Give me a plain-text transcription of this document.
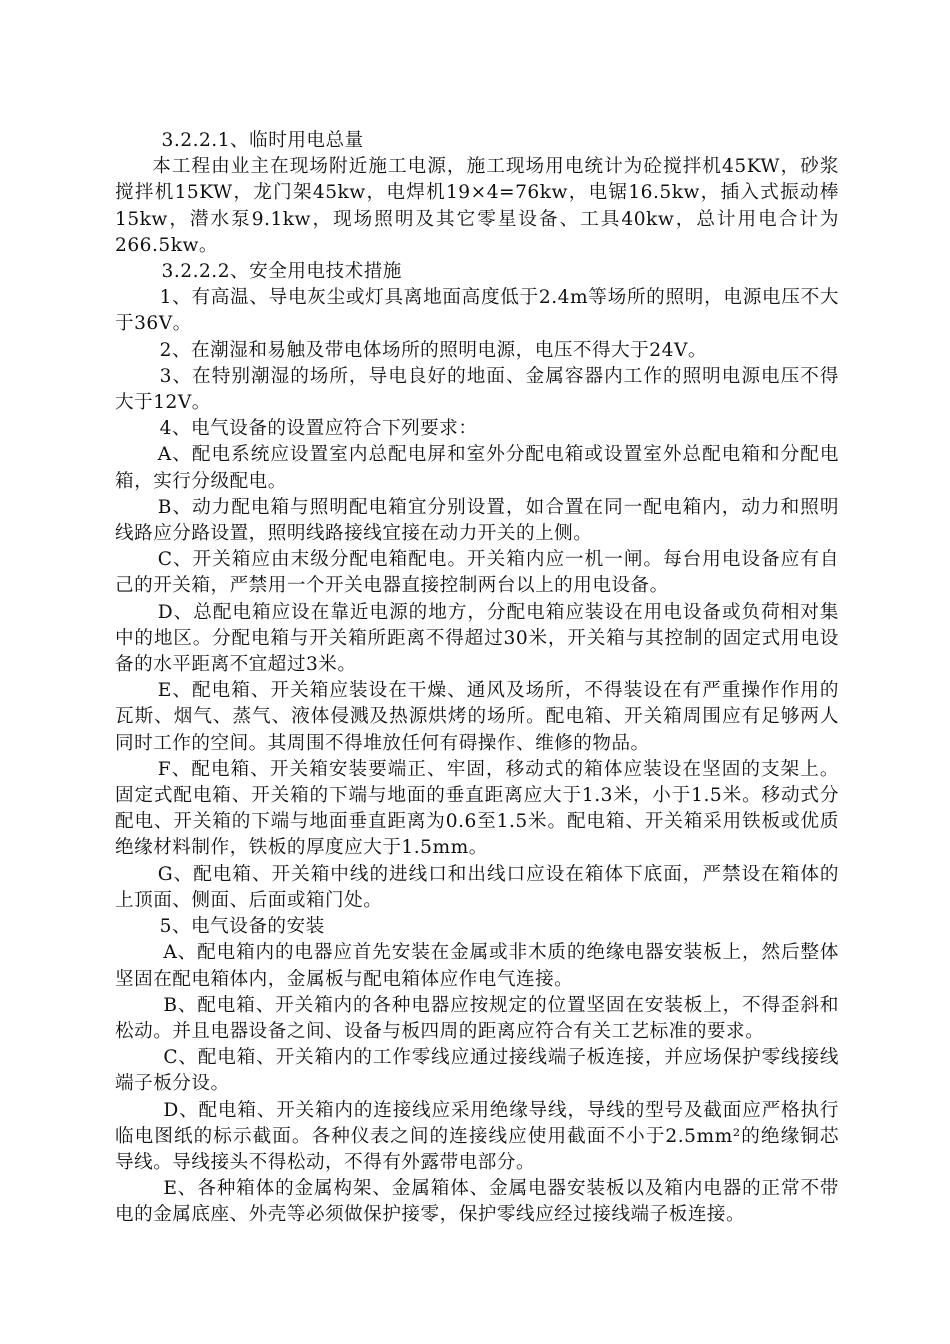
3.2.2.1、临时用电总量

本工程由业主在现场附近施工电源，施工现场用电统计为砼搅拌机45KW，砂浆搅拌机15KW，龙门架45kw，电焊机19×4=76kw，电锯16.5kw，插入式振动棒15kw，潜水泵9.1kw，现场照明及其它零星设备、工具40kw，总计用电合计为266.5kw。

3.2.2.2、安全用电技术措施

1、有高温、导电灰尘或灯具离地面高度低于2.4m等场所的照明，电源电压不大于36V。

2、在潮湿和易触及带电体场所的照明电源，电压不得大于24V。

3、在特别潮湿的场所，导电良好的地面、金属容器内工作的照明电源电压不得大于12V。

4、电气设备的设置应符合下列要求：

A、配电系统应设置室内总配电屏和室外分配电箱或设置室外总配电箱和分配电箱，实行分级配电。

B、动力配电箱与照明配电箱宜分别设置，如合置在同一配电箱内，动力和照明线路应分路设置，照明线路接线宜接在动力开关的上侧。

C、开关箱应由末级分配电箱配电。开关箱内应一机一闸。每台用电设备应有自己的开关箱，严禁用一个开关电器直接控制两台以上的用电设备。

D、总配电箱应设在靠近电源的地方，分配电箱应装设在用电设备或负荷相对集中的地区。分配电箱与开关箱所距离不得超过30米，开关箱与其控制的固定式用电设备的水平距离不宜超过3米。

E、配电箱、开关箱应装设在干燥、通风及场所，不得装设在有严重操作作用的瓦斯、烟气、蒸气、液体侵溅及热源烘烤的场所。配电箱、开关箱周围应有足够两人同时工作的空间。其周围不得堆放任何有碍操作、维修的物品。

F、配电箱、开关箱安装要端正、牢固，移动式的箱体应装设在坚固的支架上。固定式配电箱、开关箱的下端与地面的垂直距离应大于1.3米，小于1.5米。移动式分配电、开关箱的下端与地面垂直距离为0.6至1.5米。配电箱、开关箱采用铁板或优质绝缘材料制作，铁板的厚度应大于1.5mm。

G、配电箱、开关箱中线的进线口和出线口应设在箱体下底面，严禁设在箱体的上顶面、侧面、后面或箱门处。

5、电气设备的安装

A、配电箱内的电器应首先安装在金属或非木质的绝缘电器安装板上，然后整体坚固在配电箱体内，金属板与配电箱体应作电气连接。

B、配电箱、开关箱内的各种电器应按规定的位置坚固在安装板上，不得歪斜和松动。并且电器设备之间、设备与板四周的距离应符合有关工艺标准的要求。

C、配电箱、开关箱内的工作零线应通过接线端子板连接，并应场保护零线接线端子板分设。

D、配电箱、开关箱内的连接线应采用绝缘导线，导线的型号及截面应严格执行临电图纸的标示截面。各种仪表之间的连接线应使用截面不小于2.5mm²的绝缘铜芯导线。导线接头不得松动，不得有外露带电部分。

E、各种箱体的金属构架、金属箱体、金属电器安装板以及箱内电器的正常不带电的金属底座、外壳等必须做保护接零，保护零线应经过接线端子板连接。
